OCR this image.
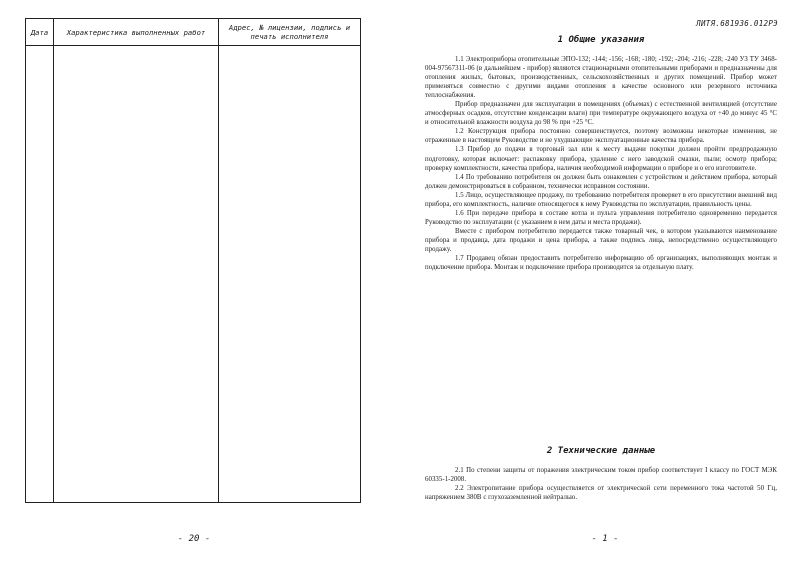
Дата	Характеристика выполненных работ	Адрес, № лицензии, подпись и печать исполнителя

- 20 -
ЛИТЯ.681936.012РЭ
1 Общие указания

1.1 Электроприборы отопительные ЭПО-132; -144; -156; -168; -180; -192; -204; -216; -228; -240 УЗ ТУ 3468-004-97567311-06 (в дальнейшем - прибор) являются стационарными отопительными приборами и предназначены для отопления жилых, бытовых, производственных, сельскохозяйственных и других помещений. Прибор может применяться совместно с другими видами отопления в качестве основного или резервного источника теплоснабжения.

Прибор предназначен для эксплуатации в помещениях (объемах) с естественной вентиляцией (отсутствие атмосферных осадков, отсутствие конденсации влаги) при температуре окружающего воздуха от +40 до минус 45 °С и относительной влажности воздуха до 98 % при +25 °С.

1.2 Конструкция прибора постоянно совершенствуется, поэтому возможны некоторые изменения, не отраженные в настоящем Руководстве и не ухудшающие эксплуатационные качества прибора.

1.3 Прибор до подачи в торговый зал или к месту выдачи покупки должен пройти предпродажную подготовку, которая включает: распаковку прибора, удаление с него заводской смазки, пыли; осмотр прибора; проверку комплектности, качества прибора, наличия необходимой информации о приборе и о его изготовителе.

1.4 По требованию потребителя он должен быть ознакомлен с устройством и действием прибора, который должен демонстрироваться в собранном, технически исправном состоянии.

1.5 Лицо, осуществляющее продажу, по требованию потребителя проверяет в его присутствии внешний вид прибора, его комплектность, наличие относящегося к нему Руководства по эксплуатации, правильность цены.

1.6 При передаче прибора в составе котла и пульта управления потребителю одновременно передается Руководство по эксплуатации (с указанием в нем даты и места продажи).

Вместе с прибором потребителю передается также товарный чек, в котором указываются наименование прибора и продавца, дата продажи и цена прибора, а также подпись лица, непосредственно осуществляющего продажу.

1.7 Продавец обязан предоставить потребителю информацию об организациях, выполняющих монтаж и подключение прибора. Монтаж и подключение прибора производится за отдельную плату.

2 Технические данные

2.1 По степени защиты от поражения электрическим током прибор соответствует I классу по ГОСТ МЭК 60335-1-2008.

2.2 Электропитание прибора осуществляется от электрической сети переменного тока частотой 50 Гц, напряжением 380В с глухозаземленной нейтралью.

- 1 -
